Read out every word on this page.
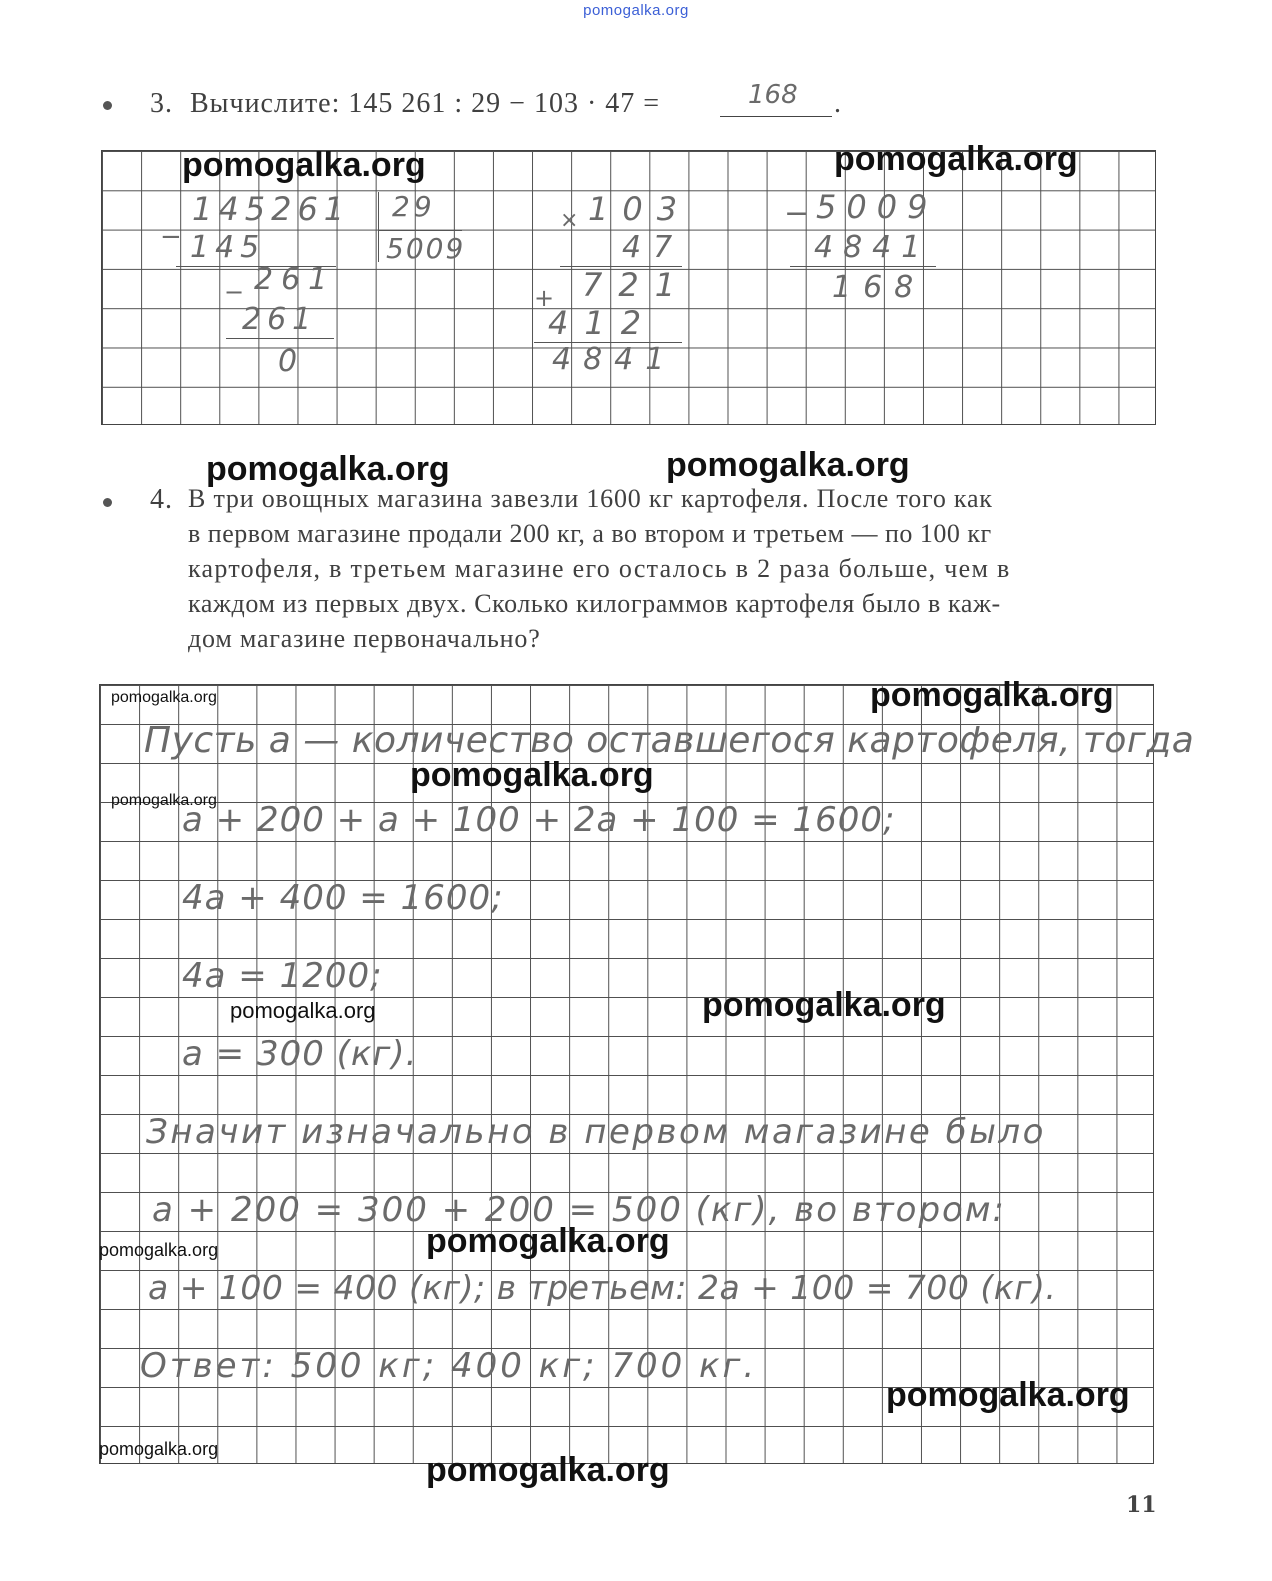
pomogalka.org
3. Вычислите: 145 261 : 29 − 103 · 47 =	168 .
145261 29
5009
− 145
261
−
261
0
× 103
47
+ 721
412
4841
− 5009
4841
168
4. В три овощных магазина завезли 1600 кг картофеля. После того как
в первом магазине продали 200 кг, а во втором и третьем — по 100 кг
картофеля, в третьем магазине его осталось в 2 раза больше, чем в
каждом из первых двух. Сколько килограммов картофеля было в каж-
дом магазине первоначально?
Пусть a — количество оставшегося картофеля, тогда
a + 200 + a + 100 + 2a + 100 = 1600;
4a + 400 = 1600;
4a = 1200;
a = 300 (кг).
Значит изначально в первом магазине было
a + 200 = 300 + 200 = 500 (кг), во втором:
a + 100 = 400 (кг); в третьем: 2a + 100 = 700 (кг).
Ответ: 500 кг; 400 кг; 700 кг.
pomogalka.org	pomogalka.org
pomogalka.org	pomogalka.org
pomogalka.org	pomogalka.org
pomogalka.org
pomogalka.org
pomogalka.org	pomogalka.org
pomogalka.org
pomogalka.org
pomogalka.org
pomogalka.org
pomogalka.org
11
